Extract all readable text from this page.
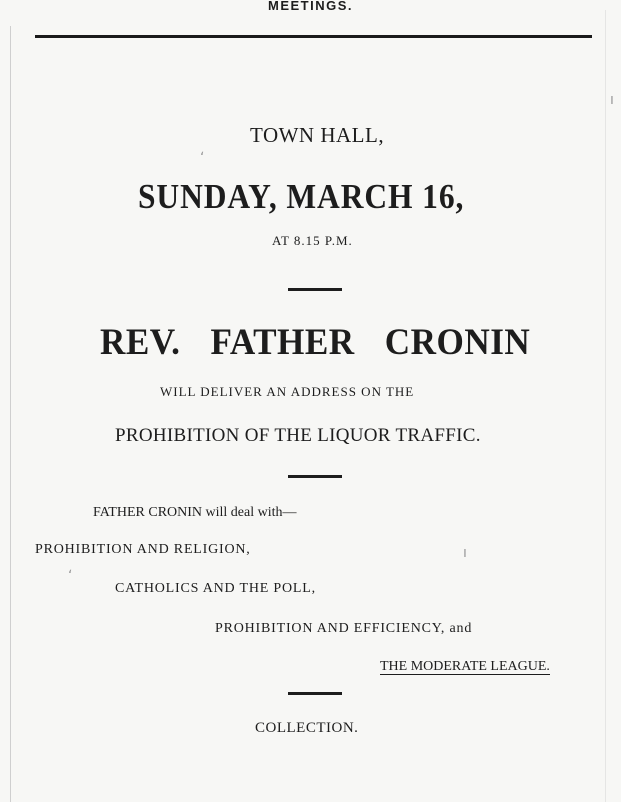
MEETINGS.
TOWN HALL,
SUNDAY, MARCH 16,
AT 8.15 P.M.
REV. FATHER CRONIN
WILL DELIVER AN ADDRESS ON THE
PROHIBITION OF THE LIQUOR TRAFFIC.
FATHER CRONIN will deal with—
PROHIBITION AND RELIGION,
CATHOLICS AND THE POLL,
PROHIBITION AND EFFICIENCY, and
THE MODERATE LEAGUE.
COLLECTION.
ʻ
ʻ
ı
ı
